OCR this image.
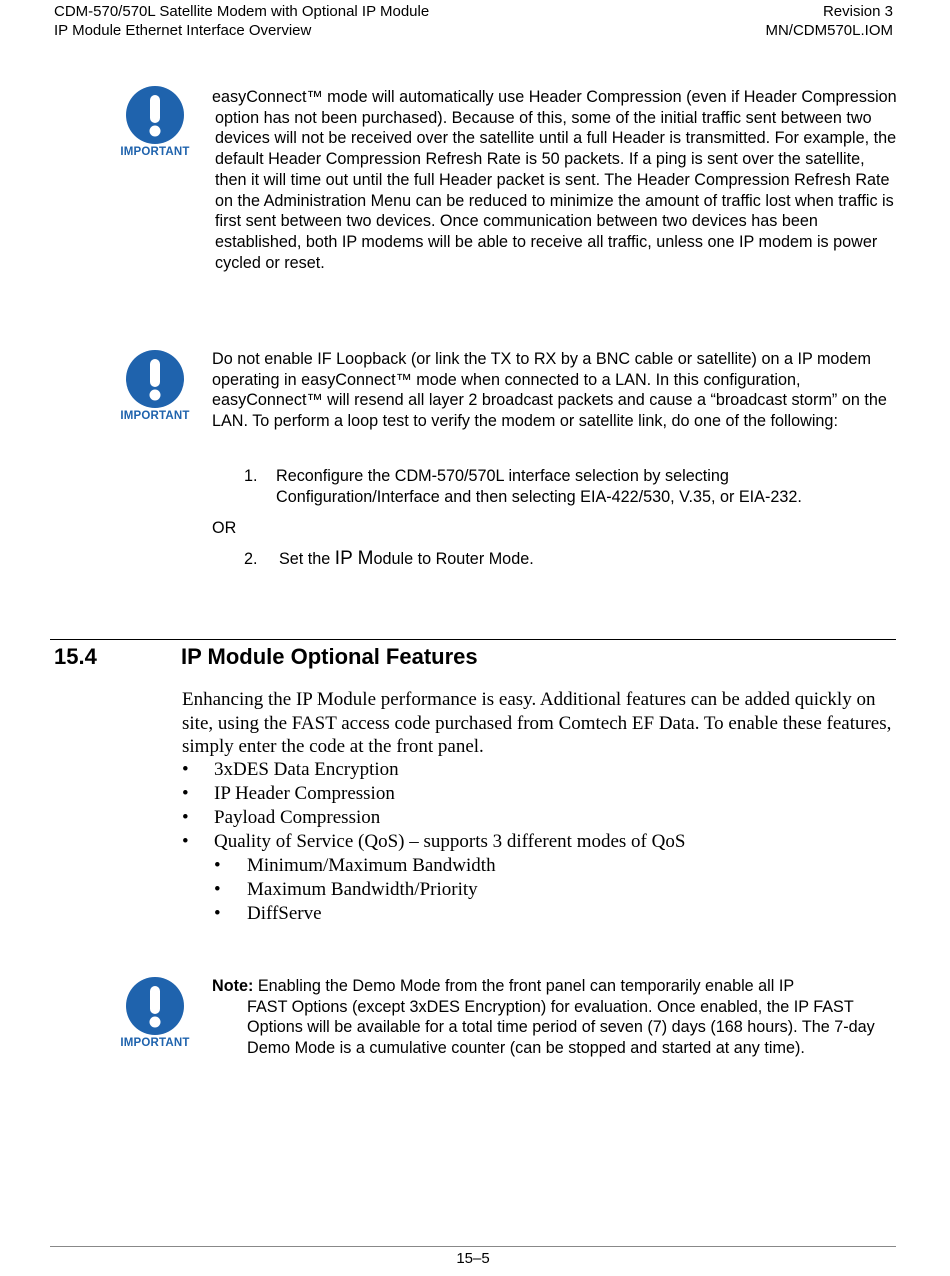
CDM-570/570L Satellite Modem with Optional IP Module
IP Module Ethernet Interface Overview
Revision 3
MN/CDM570L.IOM
IMPORTANT

easyConnect™ mode will automatically use Header Compression (even if Header Compression option has not been purchased). Because of this, some of the initial traffic sent between two devices will not be received over the satellite until a full Header is transmitted. For example, the default Header Compression Refresh Rate is 50 packets. If a ping is sent over the satellite, then it will time out until the full Header packet is sent. The Header Compression Refresh Rate on the Administration Menu can be reduced to minimize the amount of traffic lost when traffic is first sent between two devices. Once communication between two devices has been established, both IP modems will be able to receive all traffic, unless one IP modem is power cycled or reset.

IMPORTANT

Do not enable IF Loopback (or link the TX to RX by a BNC cable or satellite) on a IP modem operating in easyConnect™ mode when connected to a LAN. In this configuration, easyConnect™ will resend all layer 2 broadcast packets and cause a “broadcast storm” on the LAN. To perform a loop test to verify the modem or satellite link, do one of the following:

1. Reconfigure the CDM-570/570L interface selection by selecting Configuration/Interface and then selecting EIA-422/530, V.35, or EIA-232.
OR
2. Set the IP Module to Router Mode.
15.4	IP Module Optional Features
Enhancing the IP Module performance is easy. Additional features can be added quickly on site, using the FAST access code purchased from Comtech EF Data. To enable these features, simply enter the code at the front panel.
•	3xDES Data Encryption
•	IP Header Compression
•	Payload Compression
•	Quality of Service (QoS) – supports 3 different modes of QoS
•	Minimum/Maximum Bandwidth
•	Maximum Bandwidth/Priority
•	DiffServe
IMPORTANT

Note: Enabling the Demo Mode from the front panel can temporarily enable all IP

FAST Options (except 3xDES Encryption) for evaluation. Once enabled, the IP FAST Options will be available for a total time period of seven (7) days (168 hours). The 7-day Demo Mode is a cumulative counter (can be stopped and started at any time).

15–5
